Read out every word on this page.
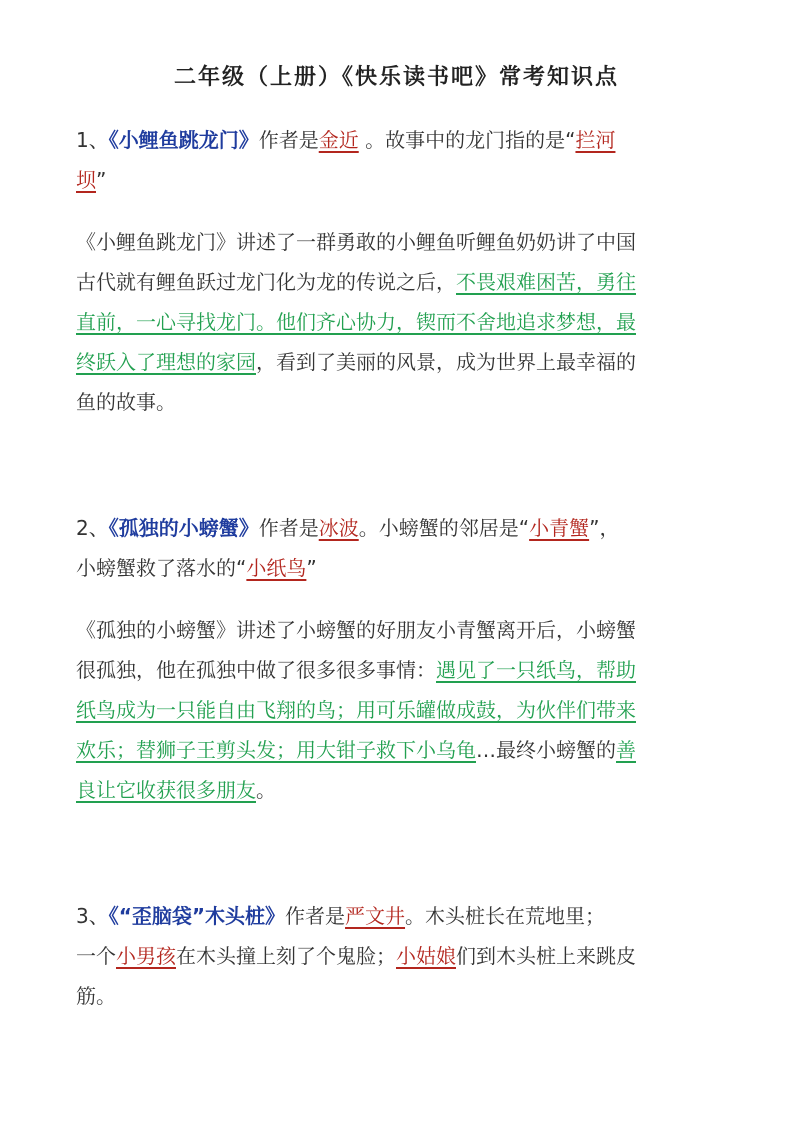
二年级（上册）《快乐读书吧》常考知识点
1、《小鲤鱼跳龙门》作者是金近 。故事中的龙门指的是“拦河
坝”
《小鲤鱼跳龙门》讲述了一群勇敢的小鲤鱼听鲤鱼奶奶讲了中国
古代就有鲤鱼跃过龙门化为龙的传说之后，不畏艰难困苦，勇往
直前，一心寻找龙门。他们齐心协力，锲而不舍地追求梦想，最
终跃入了理想的家园，看到了美丽的风景，成为世界上最幸福的
鱼的故事。
2、《孤独的小螃蟹》作者是冰波。小螃蟹的邻居是“小青蟹”，
小螃蟹救了落水的“小纸鸟”
《孤独的小螃蟹》讲述了小螃蟹的好朋友小青蟹离开后，小螃蟹
很孤独，他在孤独中做了很多很多事情：遇见了一只纸鸟，帮助
纸鸟成为一只能自由飞翔的鸟；用可乐罐做成鼓，为伙伴们带来
欢乐；替狮子王剪头发；用大钳子救下小乌龟…最终小螃蟹的善
良让它收获很多朋友。
3、《“歪脑袋”木头桩》作者是严文井。木头桩长在荒地里；
一个小男孩在木头撞上刻了个鬼脸；小姑娘们到木头桩上来跳皮
筋。
